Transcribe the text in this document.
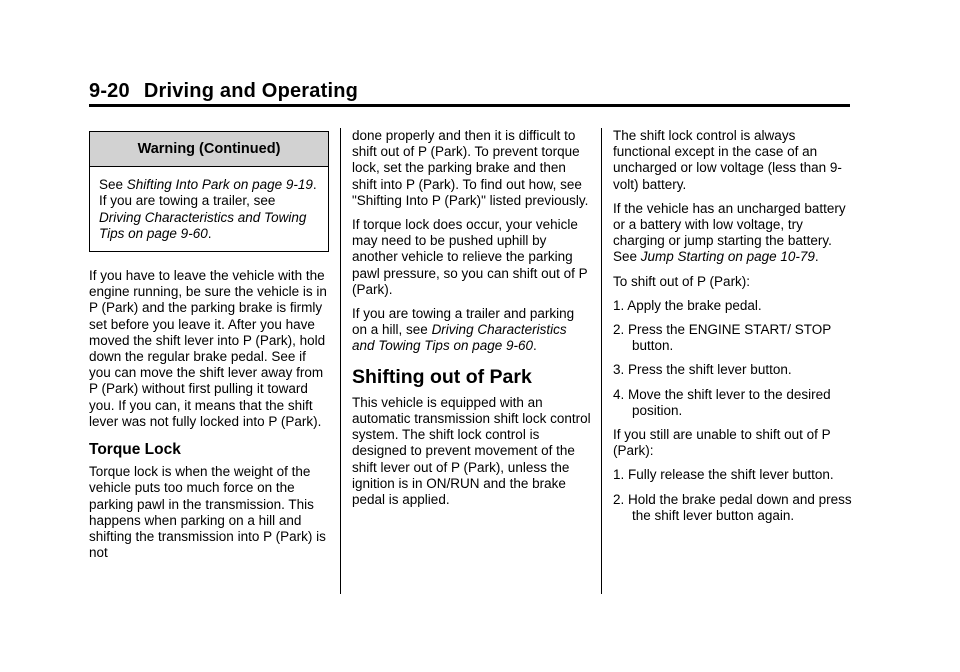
9-20 Driving and Operating
Warning (Continued)

See Shifting Into Park on page 9-19. If you are towing a trailer, see Driving Characteristics and Towing Tips on page 9-60.

If you have to leave the vehicle with the engine running, be sure the vehicle is in P (Park) and the parking brake is firmly set before you leave it. After you have moved the shift lever into P (Park), hold down the regular brake pedal. See if you can move the shift lever away from P (Park) without first pulling it toward you. If you can, it means that the shift lever was not fully locked into P (Park).

Torque Lock

Torque lock is when the weight of the vehicle puts too much force on the parking pawl in the transmission. This happens when parking on a hill and shifting the transmission into P (Park) is not

done properly and then it is difficult to shift out of P (Park). To prevent torque lock, set the parking brake and then shift into P (Park). To find out how, see "Shifting Into P (Park)" listed previously.

If torque lock does occur, your vehicle may need to be pushed uphill by another vehicle to relieve the parking pawl pressure, so you can shift out of P (Park).

If you are towing a trailer and parking on a hill, see Driving Characteristics and Towing Tips on page 9-60.

Shifting out of Park

This vehicle is equipped with an automatic transmission shift lock control system. The shift lock control is designed to prevent movement of the shift lever out of P (Park), unless the ignition is in ON/RUN and the brake pedal is applied.

The shift lock control is always functional except in the case of an uncharged or low voltage (less than 9-volt) battery.

If the vehicle has an uncharged battery or a battery with low voltage, try charging or jump starting the battery. See Jump Starting on page 10-79.

To shift out of P (Park):

1. Apply the brake pedal.

2. Press the ENGINE START/ STOP button.

3. Press the shift lever button.

4. Move the shift lever to the desired position.

If you still are unable to shift out of P (Park):

1. Fully release the shift lever button.

2. Hold the brake pedal down and press the shift lever button again.
